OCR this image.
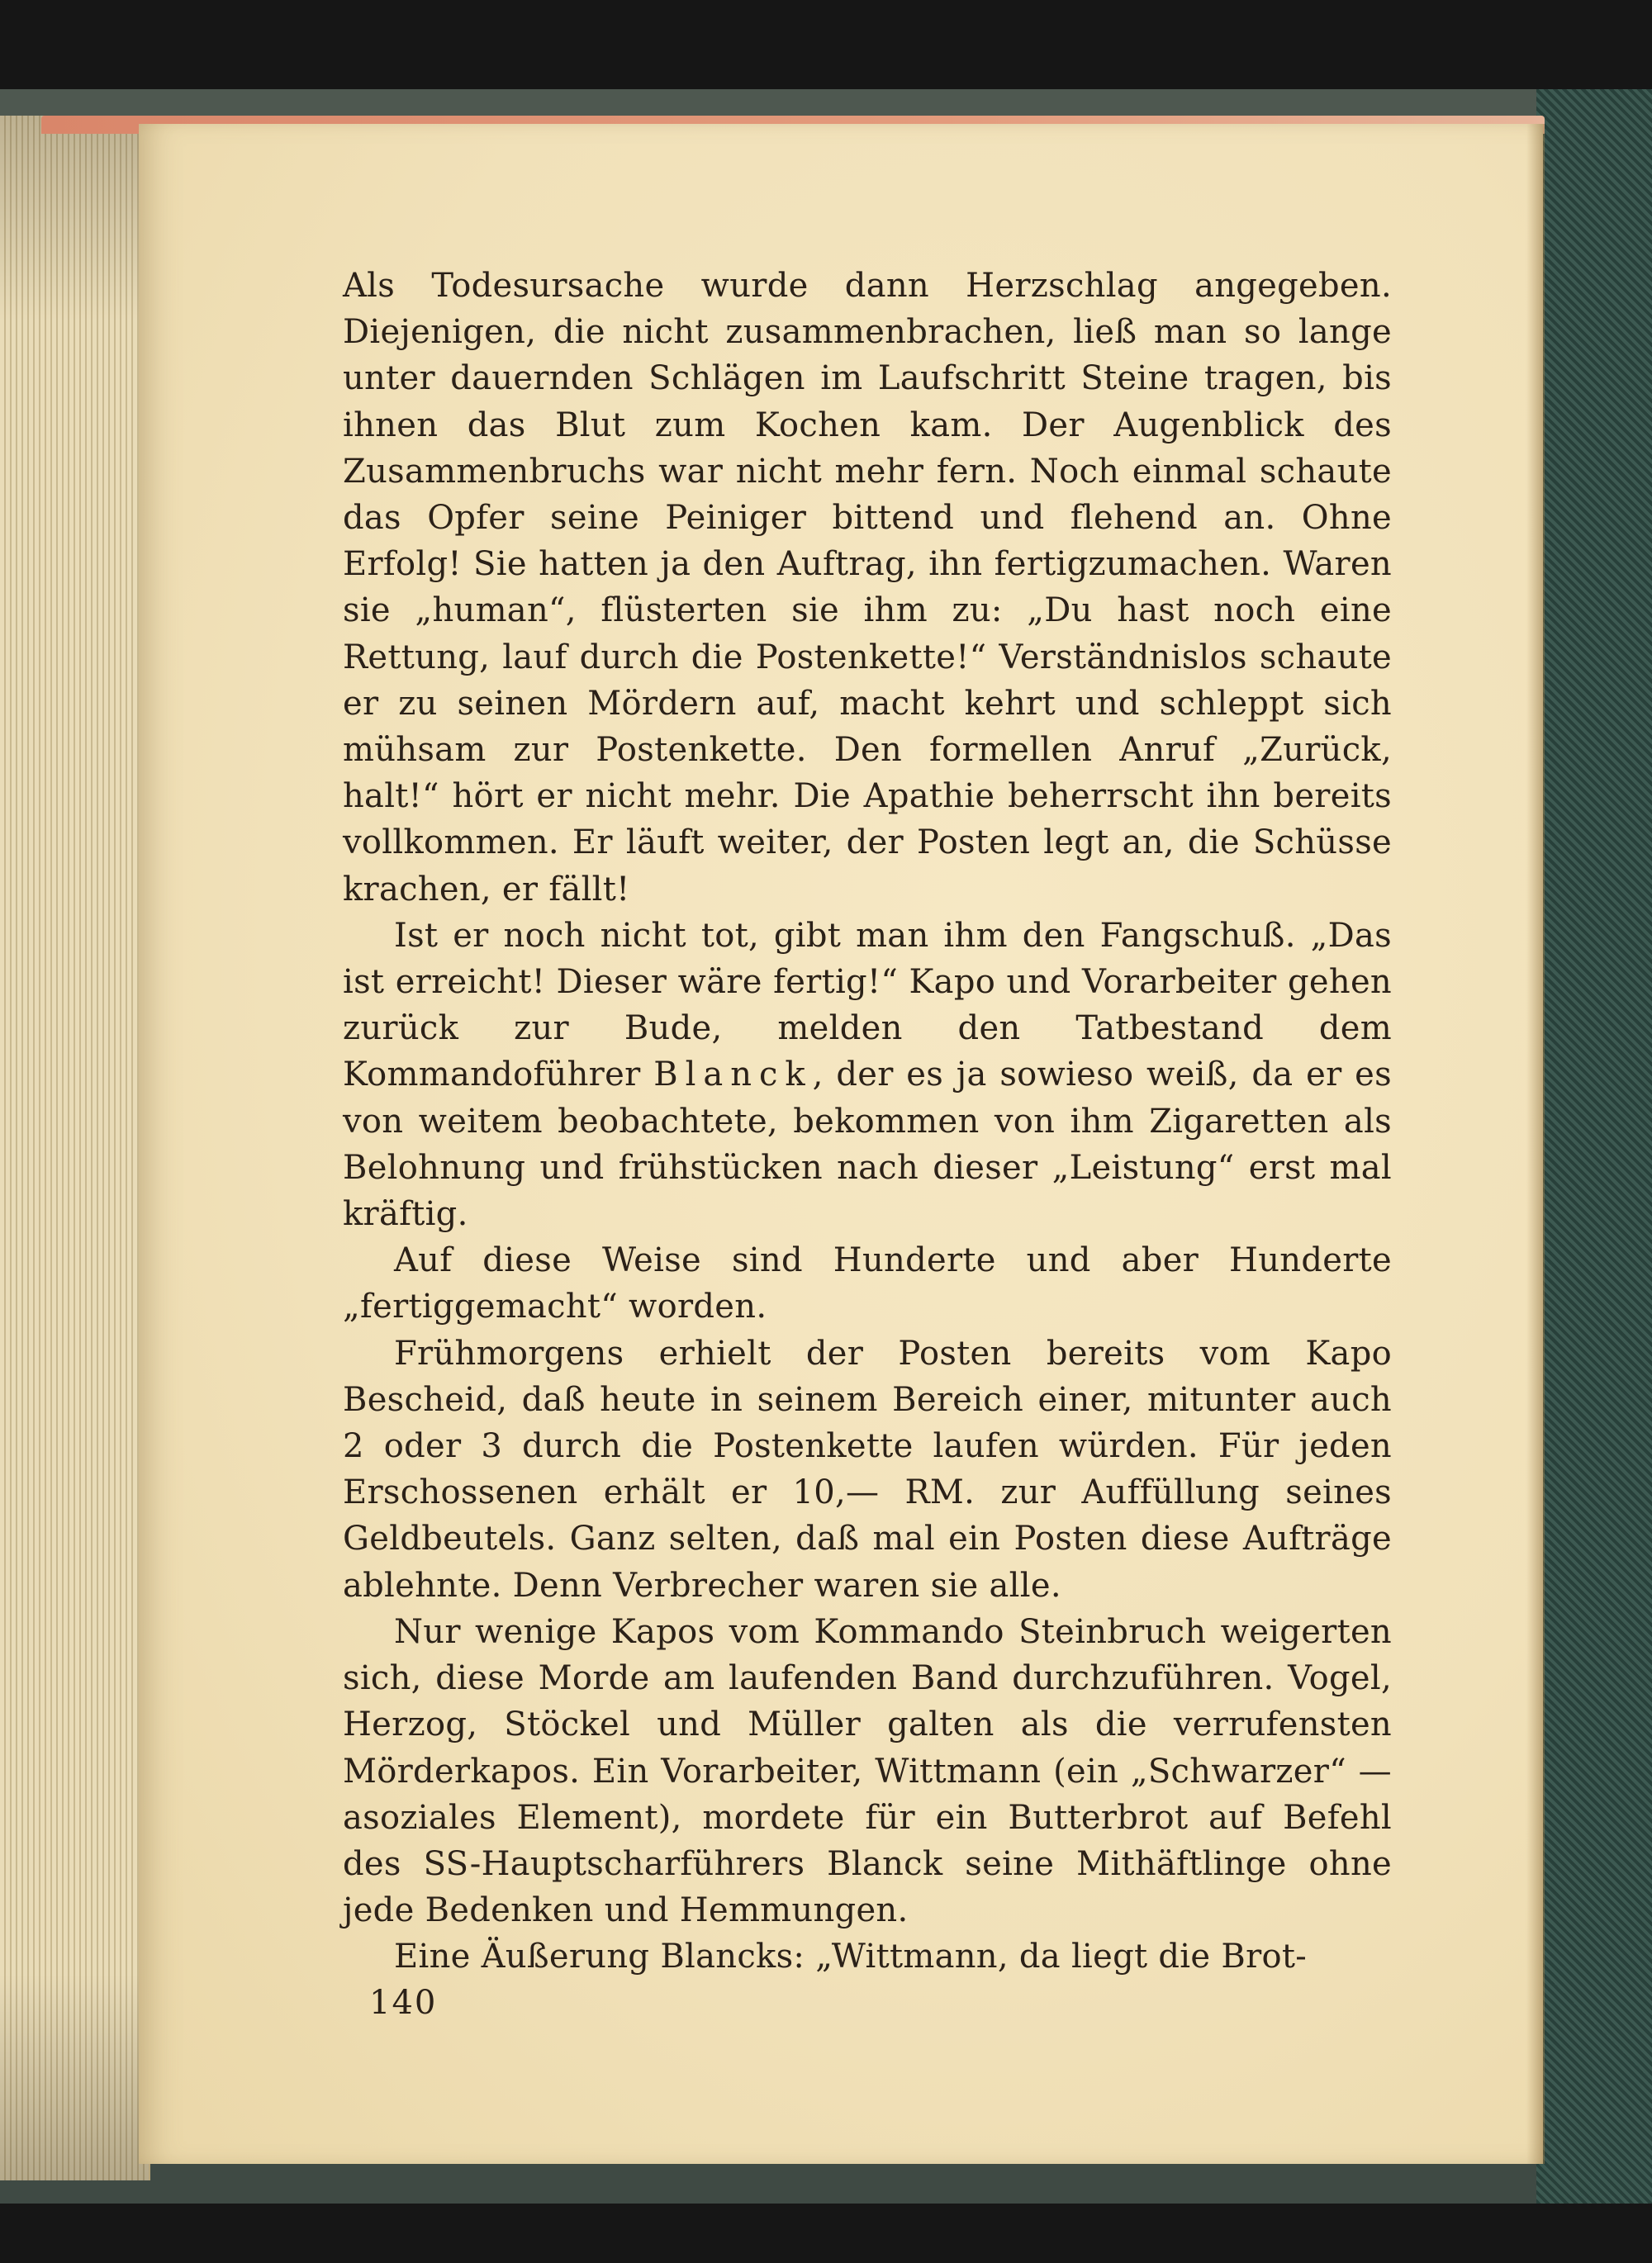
Als Todesursache wurde dann Herzschlag angegeben. Diejenigen, die nicht zusammenbrachen, ließ man so lange unter dauernden Schlägen im Laufschritt Steine tragen, bis ihnen das Blut zum Kochen kam. Der Augenblick des Zusammenbruchs war nicht mehr fern. Noch einmal schaute das Opfer seine Peiniger bittend und flehend an. Ohne Erfolg! Sie hatten ja den Auftrag, ihn fertigzumachen. Waren sie „human“, flüsterten sie ihm zu: „Du hast noch eine Rettung, lauf durch die Postenkette!“ Verständnislos schaute er zu seinen Mördern auf, macht kehrt und schleppt sich mühsam zur Postenkette. Den formellen Anruf „Zurück, halt!“ hört er nicht mehr. Die Apathie beherrscht ihn bereits vollkommen. Er läuft weiter, der Posten legt an, die Schüsse krachen, er fällt!

Ist er noch nicht tot, gibt man ihm den Fangschuß. „Das ist erreicht! Dieser wäre fertig!“ Kapo und Vorarbeiter gehen zurück zur Bude, melden den Tatbestand dem Kommandoführer Blanck, der es ja sowieso weiß, da er es von weitem beobachtete, bekommen von ihm Zigaretten als Belohnung und frühstücken nach dieser „Leistung“ erst mal kräftig.

Auf diese Weise sind Hunderte und aber Hunderte „fertiggemacht“ worden.

Frühmorgens erhielt der Posten bereits vom Kapo Bescheid, daß heute in seinem Bereich einer, mitunter auch 2 oder 3 durch die Postenkette laufen würden. Für jeden Erschossenen erhält er 10,— RM. zur Auffüllung seines Geldbeutels. Ganz selten, daß mal ein Posten diese Aufträge ablehnte. Denn Verbrecher waren sie alle.

Nur wenige Kapos vom Kommando Steinbruch weigerten sich, diese Morde am laufenden Band durchzuführen. Vogel, Herzog, Stöckel und Müller galten als die verrufensten Mörderkapos. Ein Vorarbeiter, Wittmann (ein „Schwarzer“ — asoziales Element), mordete für ein Butterbrot auf Befehl des SS-Hauptscharführers Blanck seine Mithäftlinge ohne jede Bedenken und Hemmungen.

Eine Äußerung Blancks: „Wittmann, da liegt die Brot-

140
